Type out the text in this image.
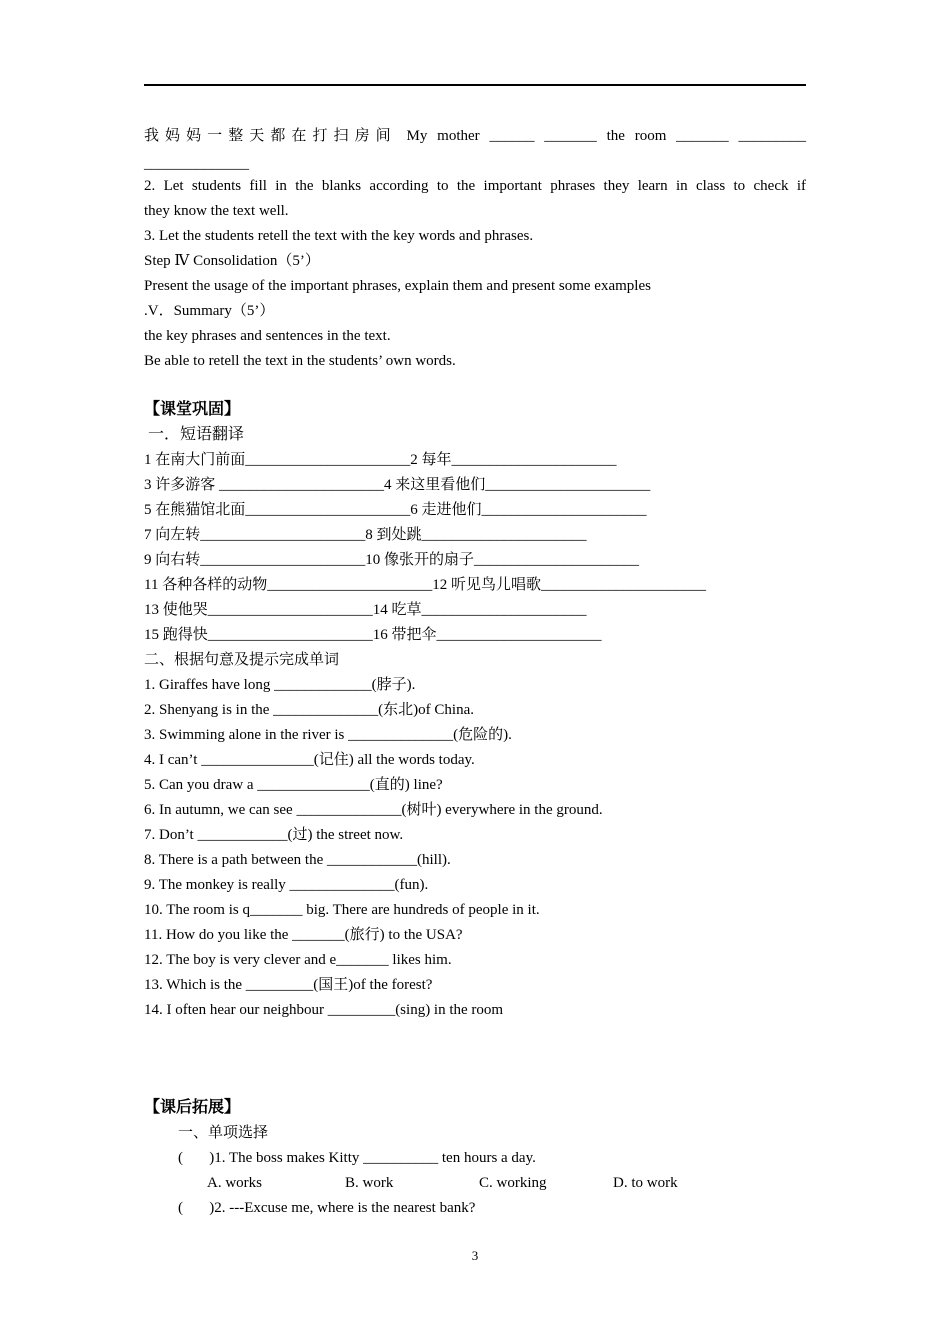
我妈妈一整天都在打扫房间 My mother ______ _______ the room _______ _________
______________
2. Let students fill in the blanks according to the important phrases they learn in class to check if
they know the text well.
3. Let the students retell the text with the key words and phrases.
Step Ⅳ Consolidation（5’）
Present the usage of the important phrases, explain them and present some examples
.V．Summary（5’）
the key phrases and sentences in the text.
Be able to retell the text in the students’ own words.
【课堂巩固】
一．短语翻译
1 在南大门前面______________________2 每年______________________
3 许多游客 ______________________4 来这里看他们______________________
5 在熊猫馆北面______________________6 走进他们______________________
7 向左转______________________8 到处跳______________________
9 向右转______________________10 像张开的扇子______________________
11 各种各样的动物______________________12 听见鸟儿唱歌______________________
13 使他哭______________________14 吃草______________________
15 跑得快______________________16 带把伞______________________
二、根据句意及提示完成单词
1. Giraffes have long _____________(脖子).
2. Shenyang is in the ______________(东北)of China.
3. Swimming alone in the river is ______________(危险的).
4. I can’t _______________(记住) all the words today.
5. Can you draw a _______________(直的) line?
6. In autumn, we can see ______________(树叶) everywhere in the ground.
7. Don’t ____________(过) the street now.
8. There is a path between the ____________(hill).
9. The monkey is really ______________(fun).
10. The room is q_______ big. There are hundreds of people in it.
11. How do you like the _______(旅行) to the USA?
12. The boy is very clever and e_______ likes him.
13. Which is the _________(国王)of the forest?
14. I often hear our neighbour _________(sing) in the room
【课后拓展】
一、单项选择
(       )1. The boss makes Kitty __________ ten hours a day.
A. works	B. work	C. working	D. to work
(       )2. ---Excuse me, where is the nearest bank?
3
